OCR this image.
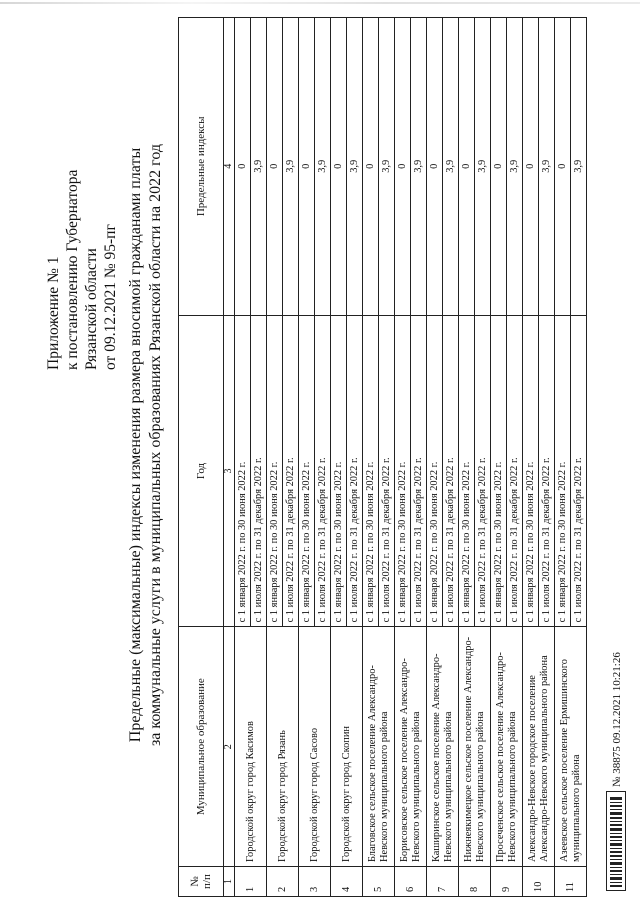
Приложение № 1 к постановлению Губернатора Рязанской области от 09.12.2021 № 95-пг Предельные (максимальные) индексы изменения размера вносимой гражданами платы за коммунальные услуги в муниципальных образованиях Рязанской области на 2022 год
№ п/п	Муниципальное образование	Год	Предельные индексы
1	2	3	4
1	Городской округ город Касимов	с 1 января 2022 г. по 30 июня 2022 г.	0
		с 1 июля 2022 г. по 31 декабря 2022 г.	3,9
2	Городской округ город Рязань	с 1 января 2022 г. по 30 июня 2022 г.	0
		с 1 июля 2022 г. по 31 декабря 2022 г.	3,9
3	Городской округ город Сасово	с 1 января 2022 г. по 30 июня 2022 г.	0
		с 1 июля 2022 г. по 31 декабря 2022 г.	3,9
4	Городской округ город Скопин	с 1 января 2022 г. по 30 июня 2022 г.	0
		с 1 июля 2022 г. по 31 декабря 2022 г.	3,9
5	Благовское сельское поселение Александро-Невского муниципального района	с 1 января 2022 г. по 30 июня 2022 г.	0
		с 1 июля 2022 г. по 31 декабря 2022 г.	3,9
6	Борисовское сельское поселение Александро-Невского муниципального района	с 1 января 2022 г. по 30 июня 2022 г.	0
		с 1 июля 2022 г. по 31 декабря 2022 г.	3,9
7	Каширинское сельское поселение Александро-Невского муниципального района	с 1 января 2022 г. по 30 июня 2022 г.	0
		с 1 июля 2022 г. по 31 декабря 2022 г.	3,9
8	Нижнеякимецкое сельское поселение Александро-Невского муниципального района	с 1 января 2022 г. по 30 июня 2022 г.	0
		с 1 июля 2022 г. по 31 декабря 2022 г.	3,9
9	Просеченское сельское поселение Александро-Невского муниципального района	с 1 января 2022 г. по 30 июня 2022 г.	0
		с 1 июля 2022 г. по 31 декабря 2022 г.	3,9
10	Александро-Невское городское поселение Александро-Невского муниципального района	с 1 января 2022 г. по 30 июня 2022 г.	0
		с 1 июля 2022 г. по 31 декабря 2022 г.	3,9
11	Азеевское сельское поселение Ермишинского муниципального района	с 1 января 2022 г. по 30 июня 2022 г.	0
		с 1 июля 2022 г. по 31 декабря 2022 г.	3,9
№ 38875 09.12.2021 10:21:26
